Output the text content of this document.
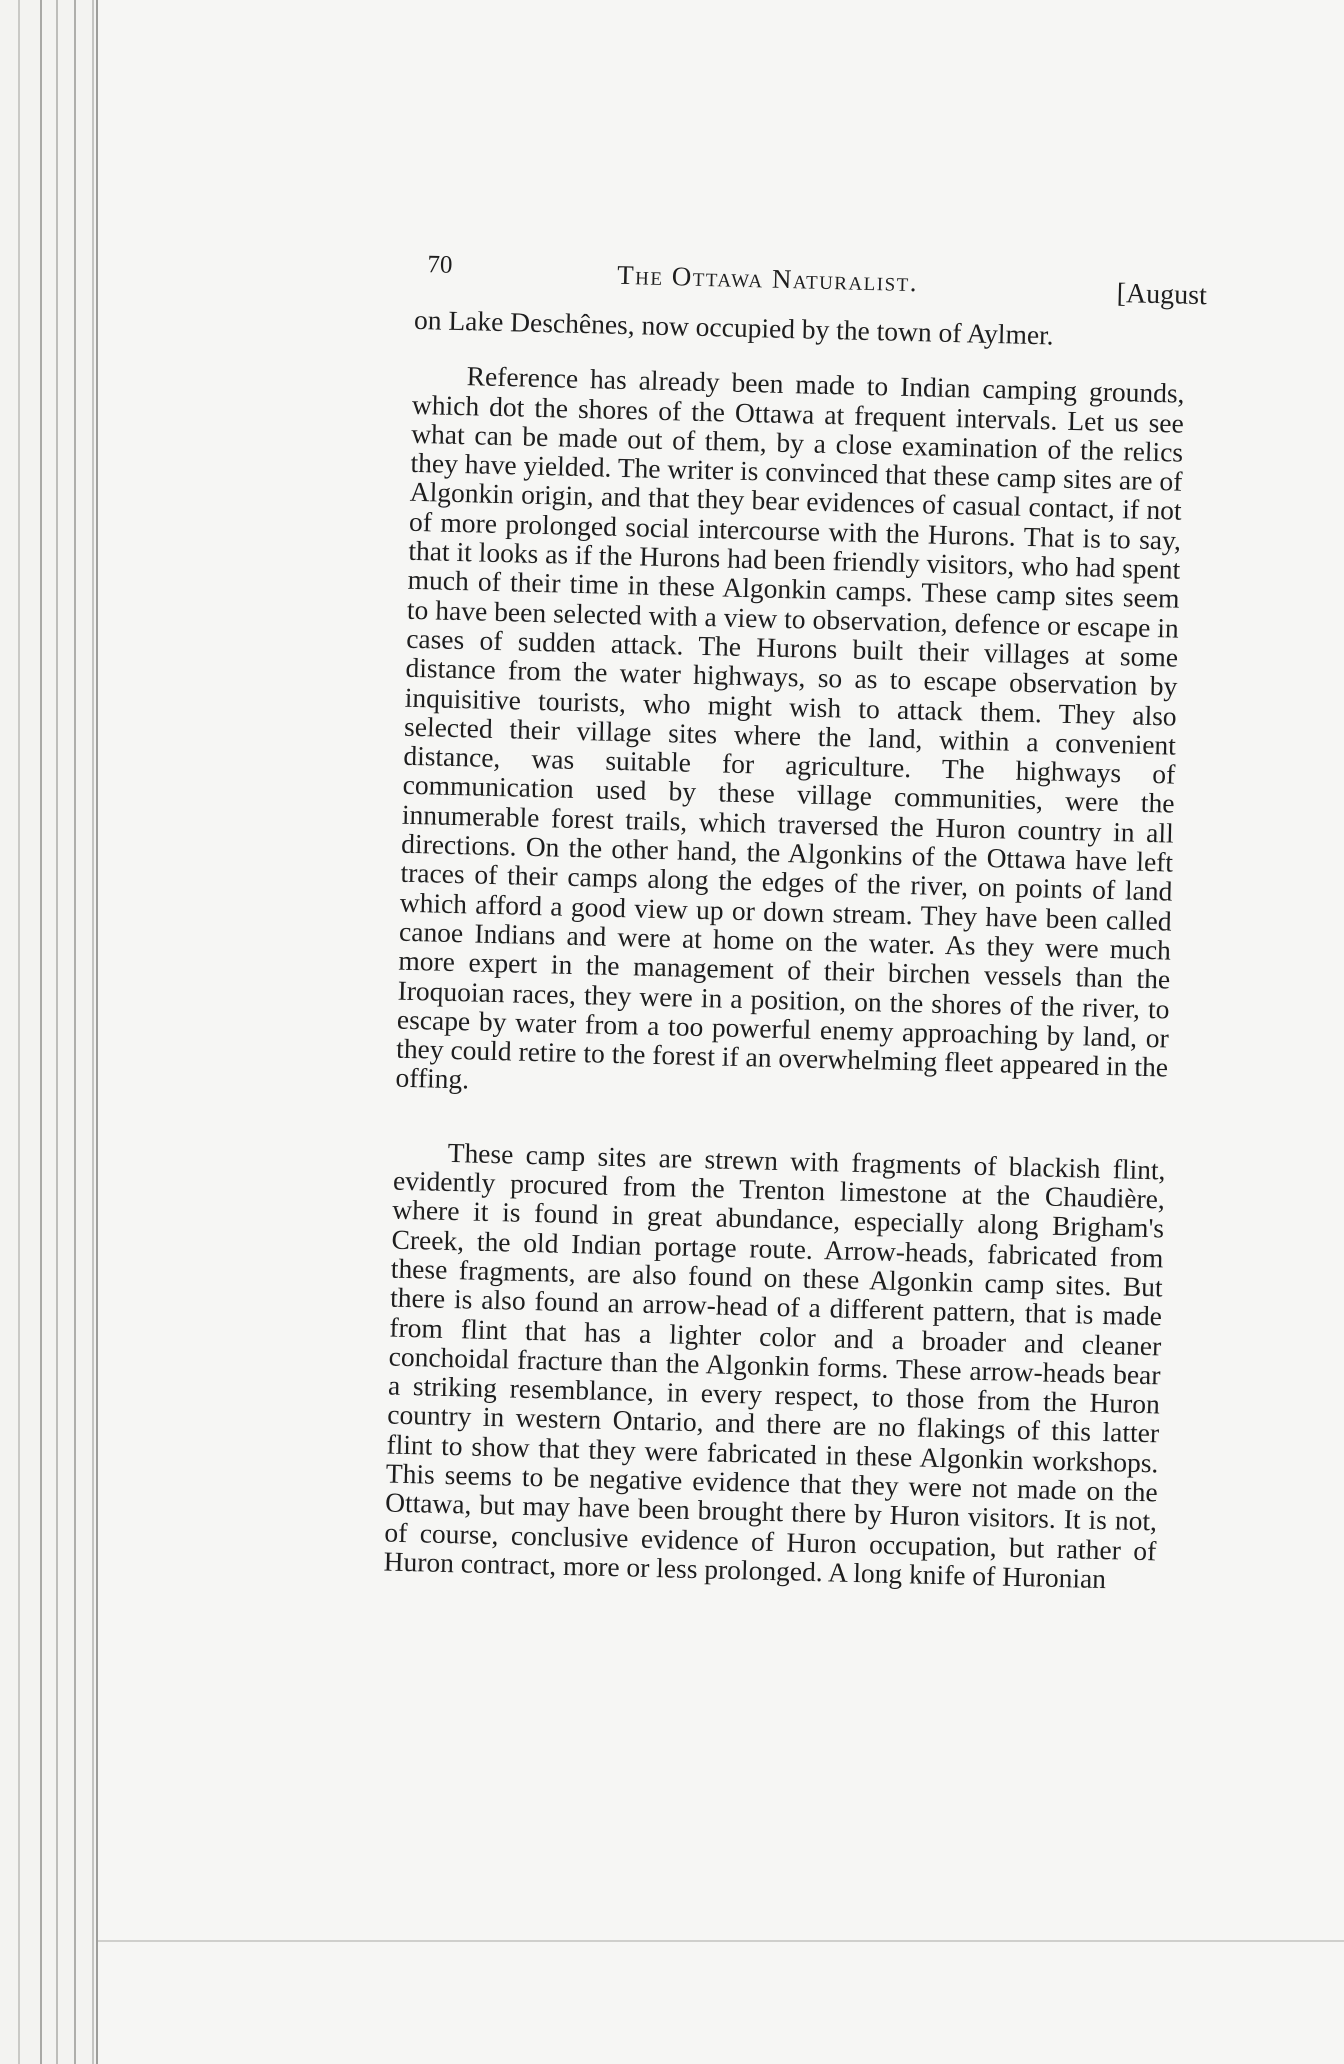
70	The Ottawa Naturalist.	[August

on Lake Deschênes, now occupied by the town of Aylmer.

Reference has already been made to Indian camping grounds, which dot the shores of the Ottawa at frequent intervals. Let us see what can be made out of them, by a close examination of the relics they have yielded. The writer is convinced that these camp sites are of Algonkin origin, and that they bear evidences of casual contact, if not of more prolonged social intercourse with the Hurons. That is to say, that it looks as if the Hurons had been friendly visitors, who had spent much of their time in these Algonkin camps. These camp sites seem to have been selected with a view to observation, defence or escape in cases of sudden attack. The Hurons built their villages at some distance from the water highways, so as to escape observation by inquisitive tourists, who might wish to attack them. They also selected their village sites where the land, within a convenient distance, was suitable for agriculture. The highways of communication used by these village communities, were the innumerable forest trails, which traversed the Huron country in all directions. On the other hand, the Algonkins of the Ottawa have left traces of their camps along the edges of the river, on points of land which afford a good view up or down stream. They have been called canoe Indians and were at home on the water. As they were much more expert in the management of their birchen vessels than the Iroquoian races, they were in a position, on the shores of the river, to escape by water from a too powerful enemy approaching by land, or they could retire to the forest if an overwhelming fleet appeared in the offing.

These camp sites are strewn with fragments of blackish flint, evidently procured from the Trenton limestone at the Chaudière, where it is found in great abundance, especially along Brigham's Creek, the old Indian portage route. Arrow-heads, fabricated from these fragments, are also found on these Algonkin camp sites. But there is also found an arrow-head of a different pattern, that is made from flint that has a lighter color and a broader and cleaner conchoidal fracture than the Algonkin forms. These arrow-heads bear a striking resemblance, in every respect, to those from the Huron country in western Ontario, and there are no flakings of this latter flint to show that they were fabricated in these Algonkin workshops. This seems to be negative evidence that they were not made on the Ottawa, but may have been brought there by Huron visitors. It is not, of course, conclusive evidence of Huron occupation, but rather of Huron contract, more or less prolonged. A long knife of Huronian
